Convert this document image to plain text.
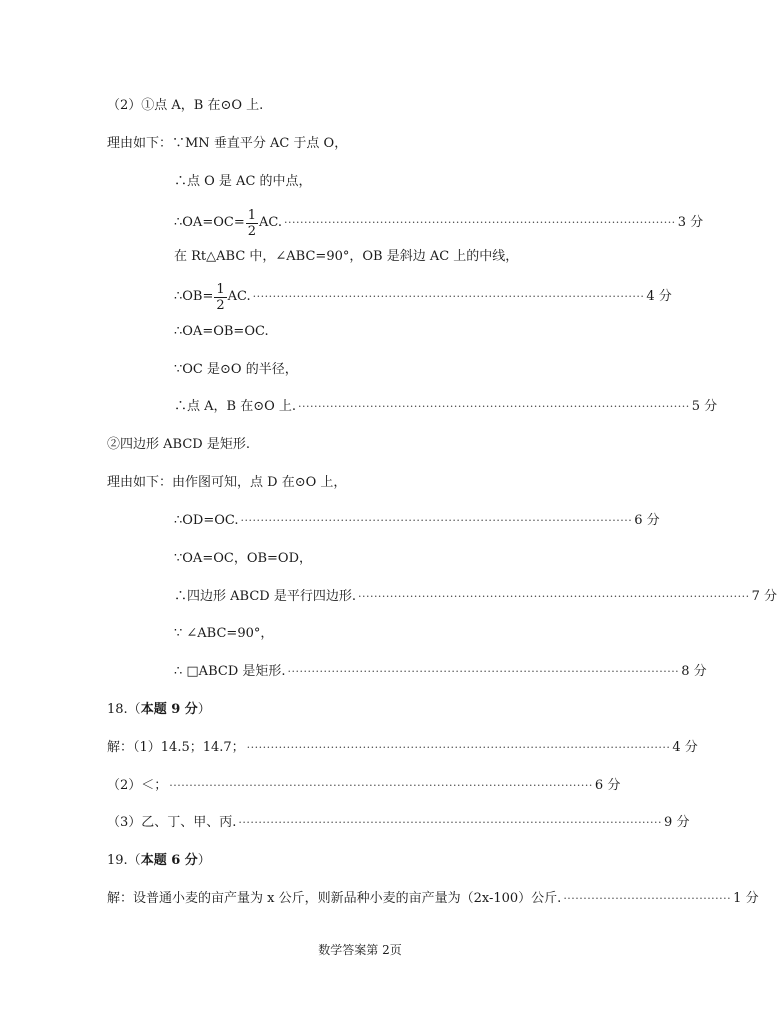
（2）①点 A，B 在⊙O 上.
理由如下：∵MN 垂直平分 AC 于点 O，
∴点 O 是 AC 的中点，
∴OA=OC= $\frac{1}{2}$ AC. ·································································································· 3 分
在 Rt△ABC 中，∠ABC=90°，OB 是斜边 AC 上的中线，
∴OB= $\frac{1}{2}$ AC. ·································································································· 4 分
∴OA=OB=OC.
∵OC 是⊙O 的半径，
∴点 A，B 在⊙O 上. ·································································································· 5 分
②四边形 ABCD 是矩形.
理由如下：由作图可知，点 D 在⊙O 上，
∴OD=OC. ·································································································· 6 分
∵OA=OC，OB=OD，
∴四边形 ABCD 是平行四边形. ·································································································· 7 分
∵ ∠ABC=90°，
∴ □ABCD 是矩形. ·································································································· 8 分
18.（ 本题 9 分 ）
解：（1）14.5；14.7； ·········································································································· 4 分
（2）＜； ·········································································································· 6 分
（3）乙、丁、甲、丙. ·········································································································· 9 分
19.（ 本题 6 分 ）
解：设普通小麦的亩产量为 x 公斤，则新品种小麦的亩产量为（2x-100）公斤. ·········································· 1 分
数学答案第 2页
